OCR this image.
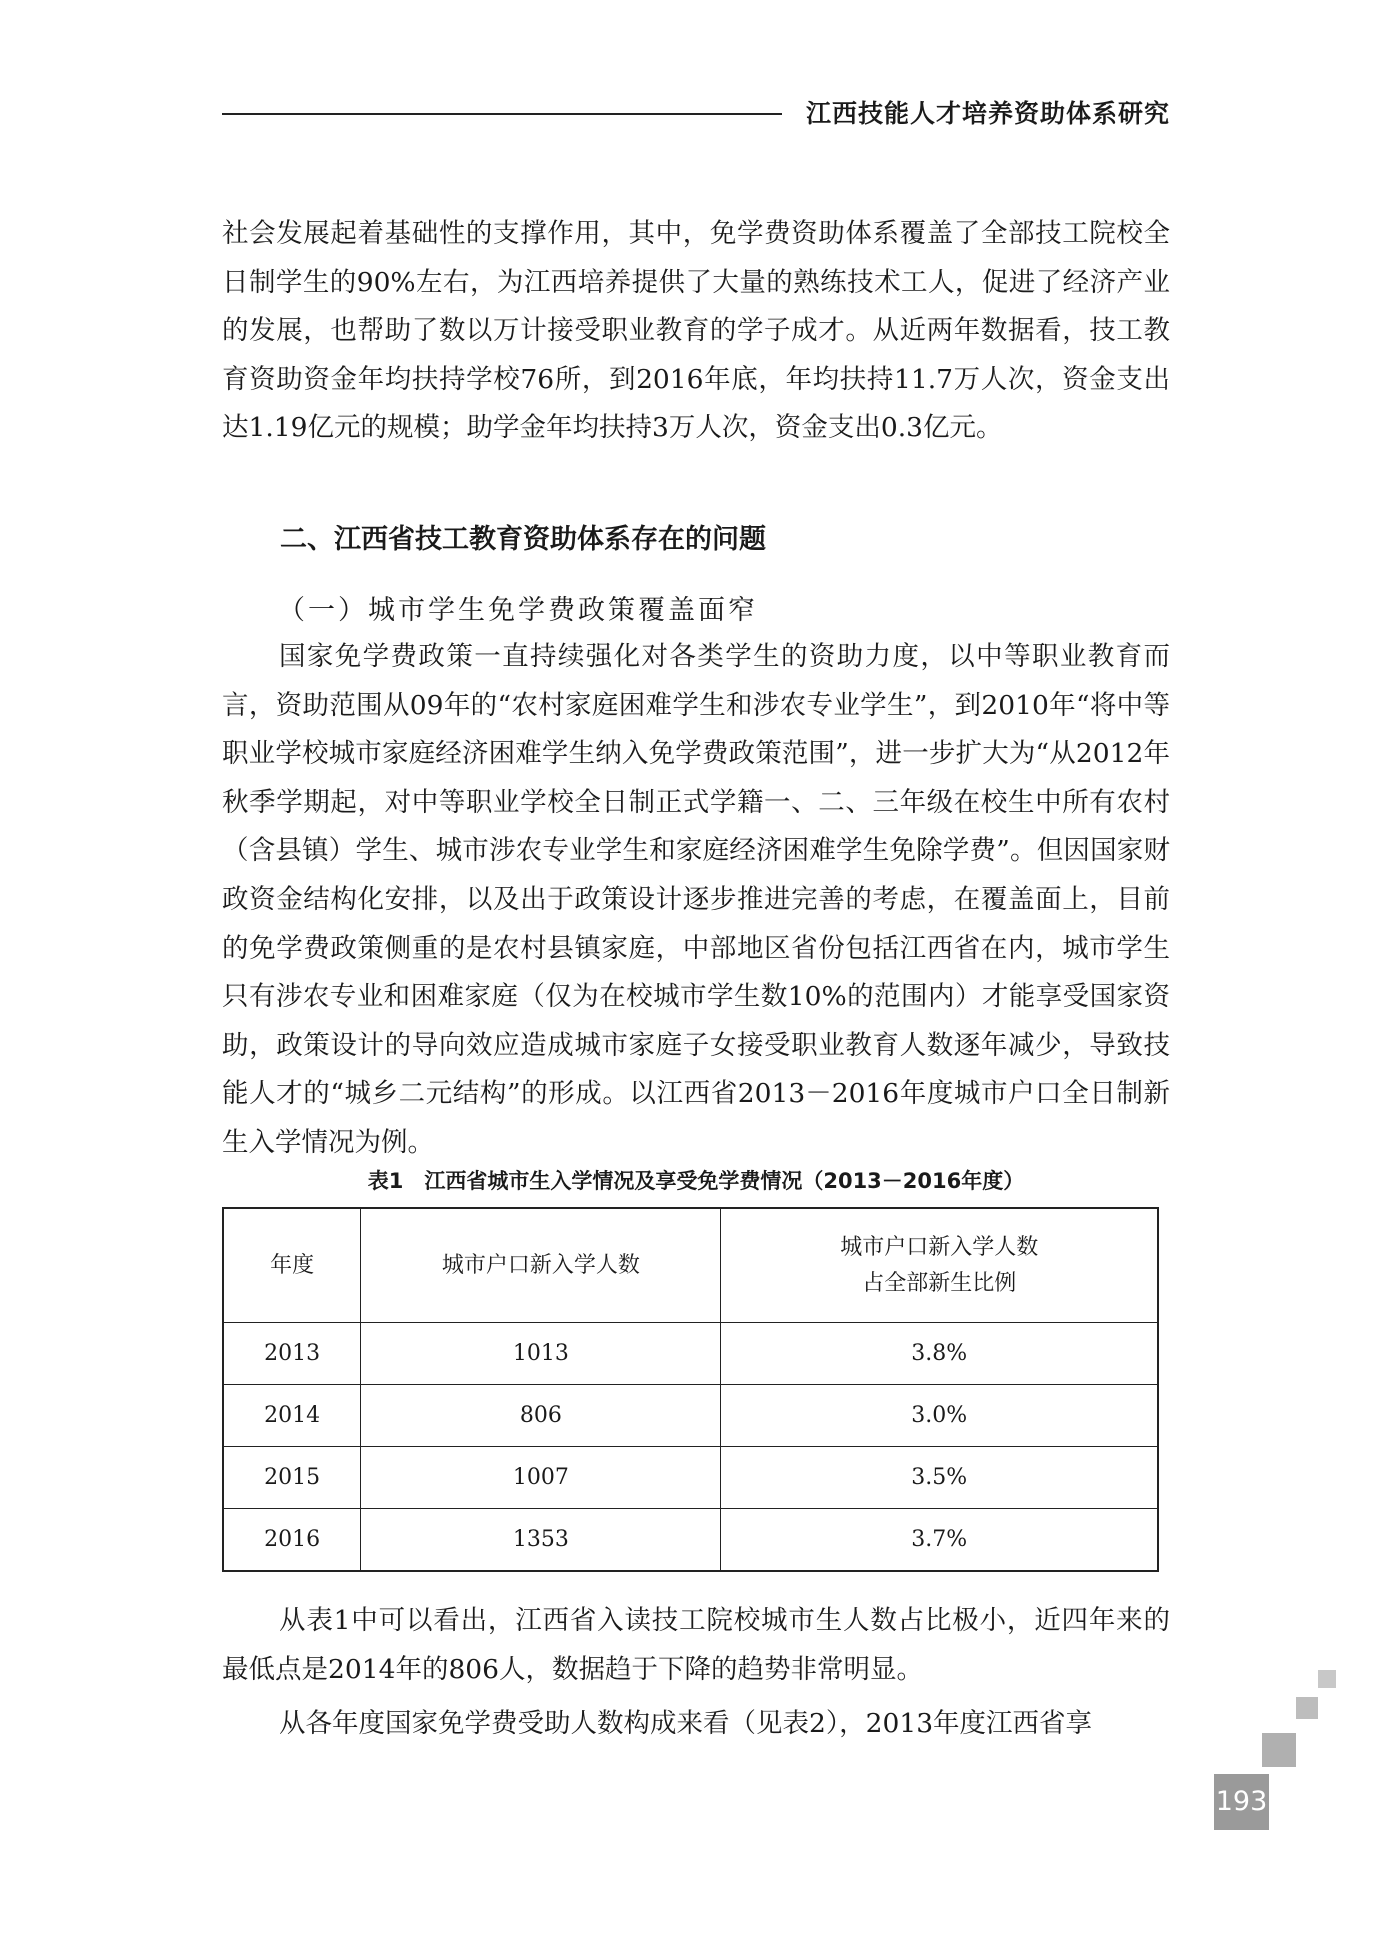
江西技能人才培养资助体系研究

社会发展起着基础性的支撑作用，其中，免学费资助体系覆盖了全部技工院校全日制学生的90%左右，为江西培养提供了大量的熟练技术工人，促进了经济产业的发展，也帮助了数以万计接受职业教育的学子成才。从近两年数据看，技工教育资助资金年均扶持学校76所，到2016年底，年均扶持11.7万人次，资金支出达1.19亿元的规模；助学金年均扶持3万人次，资金支出0.3亿元。

二、江西省技工教育资助体系存在的问题
（一）城市学生免学费政策覆盖面窄

国家免学费政策一直持续强化对各类学生的资助力度，以中等职业教育而言，资助范围从09年的“农村家庭困难学生和涉农专业学生”，到2010年“将中等职业学校城市家庭经济困难学生纳入免学费政策范围”，进一步扩大为“从2012年秋季学期起，对中等职业学校全日制正式学籍一、二、三年级在校生中所有农村（含县镇）学生、城市涉农专业学生和家庭经济困难学生免除学费”。但因国家财政资金结构化安排，以及出于政策设计逐步推进完善的考虑，在覆盖面上，目前的免学费政策侧重的是农村县镇家庭，中部地区省份包括江西省在内，城市学生只有涉农专业和困难家庭（仅为在校城市学生数10%的范围内）才能享受国家资助，政策设计的导向效应造成城市家庭子女接受职业教育人数逐年减少，导致技能人才的“城乡二元结构”的形成。以江西省2013－2016年度城市户口全日制新生入学情况为例。

表1　江西省城市生入学情况及享受免学费情况（2013－2016年度）
年度	城市户口新入学人数	城市户口新入学人数
占全部新生比例

2013	1013	3.8%
2014	806	3.0%
2015	1007	3.5%
2016	1353	3.7%

从表1中可以看出，江西省入读技工院校城市生人数占比极小，近四年来的最低点是2014年的806人，数据趋于下降的趋势非常明显。

从各年度国家免学费受助人数构成来看（见表2），2013年度江西省享

193
